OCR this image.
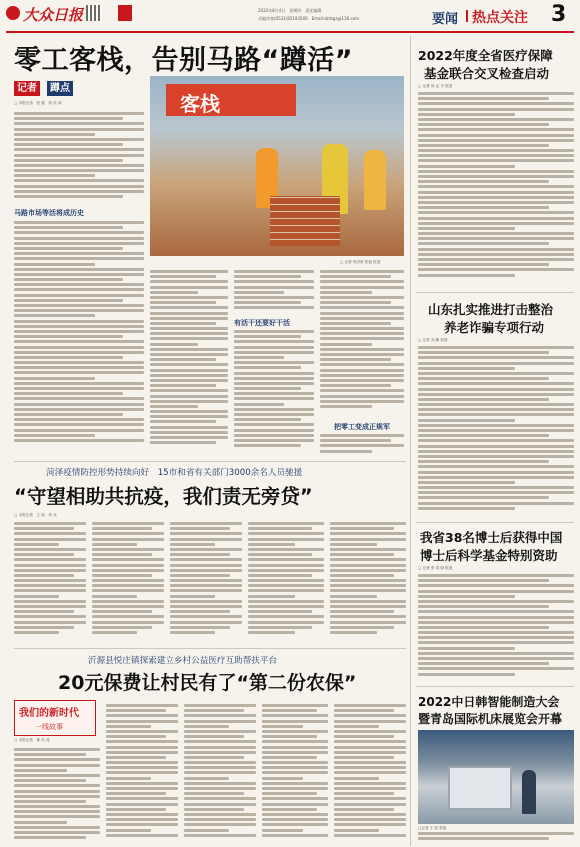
大众日报	2022年8月4日　星期四　责任编辑
采编审查(0531)85193500　Email:dzrbgs@126.com	要闻 热点关注 3
零工客栈，告别马路“蹲活”
记者	蹲点
□ 本报记者　张 磊　郭 洪 涛	客栈
□ 记者 郭洪涛 张磊 报道
马路市场等活将成历史
有活干还要好干活
把零工变成正规军
2022年度全省医疗保障
基金联合交叉检查启动
□ 记者 徐 孟 平 报道
山东扎实推进打击整治
养老诈骗专项行动
□ 记者 刘 鹏 报道
我省38名博士后获得中国
博士后科学基金特别资助
□ 记者 张 春 晓 报道
2022中日韩智能制造大会
暨青岛国际机床展览会开幕
□记者 王 凯 报道
菏泽疫情防控形势持续向好　15市和省有关部门3000余名人员驰援
“守望相助共抗疫，我们责无旁贷”
□ 本报记者　王 凯　刘 兵
沂源县悦庄镇探索建立乡村公益医疗互助帮扶平台
20元保费让村民有了“第二份农保”
我们的新时代
一线故事
□ 本报记者　都 洪 涛
